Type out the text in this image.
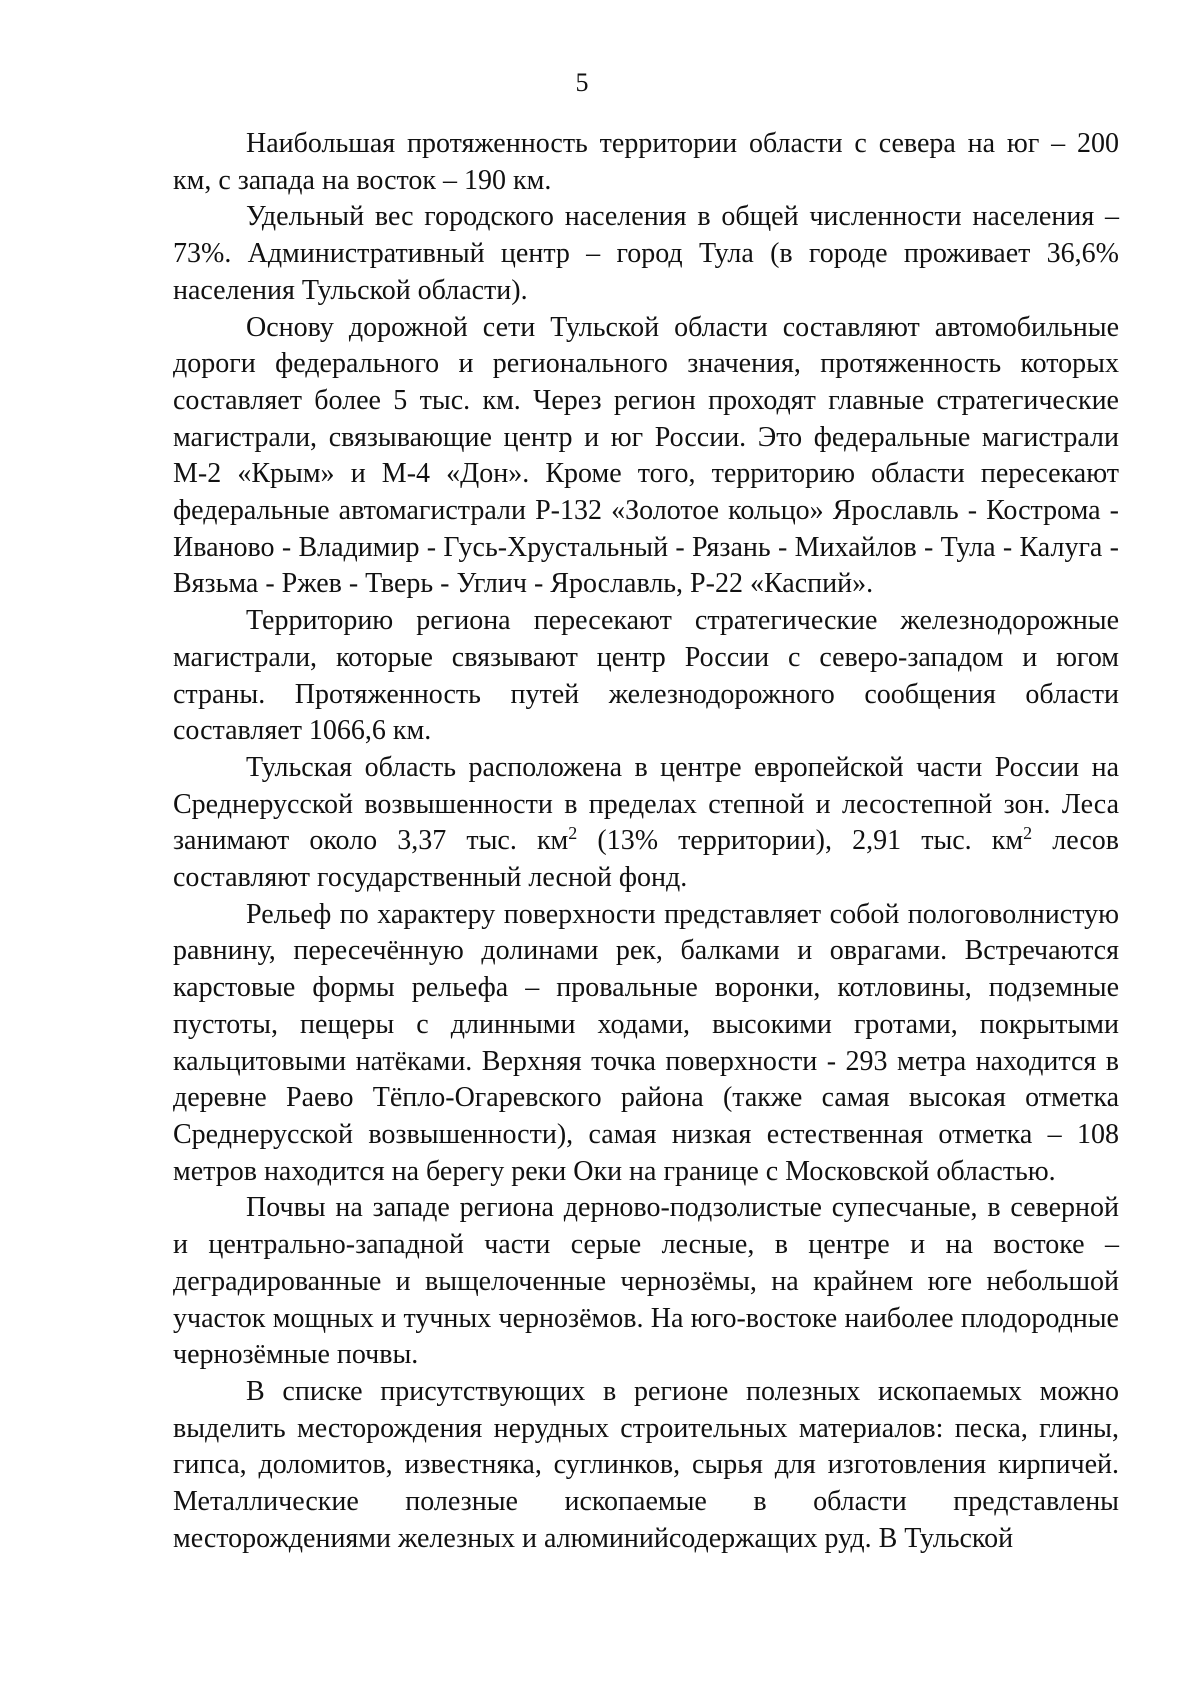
5

Наибольшая протяженность территории области с севера на юг – 200 км, с запада на восток – 190 км.

Удельный вес городского населения в общей численности населения – 73%. Административный центр – город Тула (в городе проживает 36,6% населения Тульской области).

Основу дорожной сети Тульской области составляют автомобильные дороги федерального и регионального значения, протяженность которых составляет более 5 тыс. км. Через регион проходят главные стратегические магистрали, связывающие центр и юг России. Это федеральные магистрали М-2 «Крым» и М-4 «Дон». Кроме того, территорию области пересекают федеральные автомагистрали Р-132 «Золотое кольцо» Ярославль - Кострома - Иваново - Владимир - Гусь-Хрустальный - Рязань - Михайлов - Тула - Калуга - Вязьма - Ржев - Тверь - Углич - Ярославль, Р-22 «Каспий».

Территорию региона пересекают стратегические железнодорожные магистрали, которые связывают центр России с северо-западом и югом страны. Протяженность путей железнодорожного сообщения области составляет 1066,6 км.

Тульская область расположена в центре европейской части России на Среднерусской возвышенности в пределах степной и лесостепной зон. Леса занимают около 3,37 тыс. $км^2$ (13% территории), 2,91 тыс. $км^2$ лесов составляют государственный лесной фонд.

Рельеф по характеру поверхности представляет собой пологоволнистую равнину, пересечённую долинами рек, балками и оврагами. Встречаются карстовые формы рельефа – провальные воронки, котловины, подземные пустоты, пещеры с длинными ходами, высокими гротами, покрытыми кальцитовыми натёками. Верхняя точка поверхности - 293 метра находится в деревне Раево Тёпло-Огаревского района (также самая высокая отметка Среднерусской возвышенности), самая низкая естественная отметка – 108 метров находится на берегу реки Оки на границе с Московской областью.

Почвы на западе региона дерново-подзолистые супесчаные, в северной и центрально-западной части серые лесные, в центре и на востоке – деградированные и выщелоченные чернозёмы, на крайнем юге небольшой участок мощных и тучных чернозёмов. На юго-востоке наиболее плодородные чернозёмные почвы.

В списке присутствующих в регионе полезных ископаемых можно выделить месторождения нерудных строительных материалов: песка, глины, гипса, доломитов, известняка, суглинков, сырья для изготовления кирпичей. Металлические полезные ископаемые в области представлены месторождениями железных и алюминийсодержащих руд. В Тульской
